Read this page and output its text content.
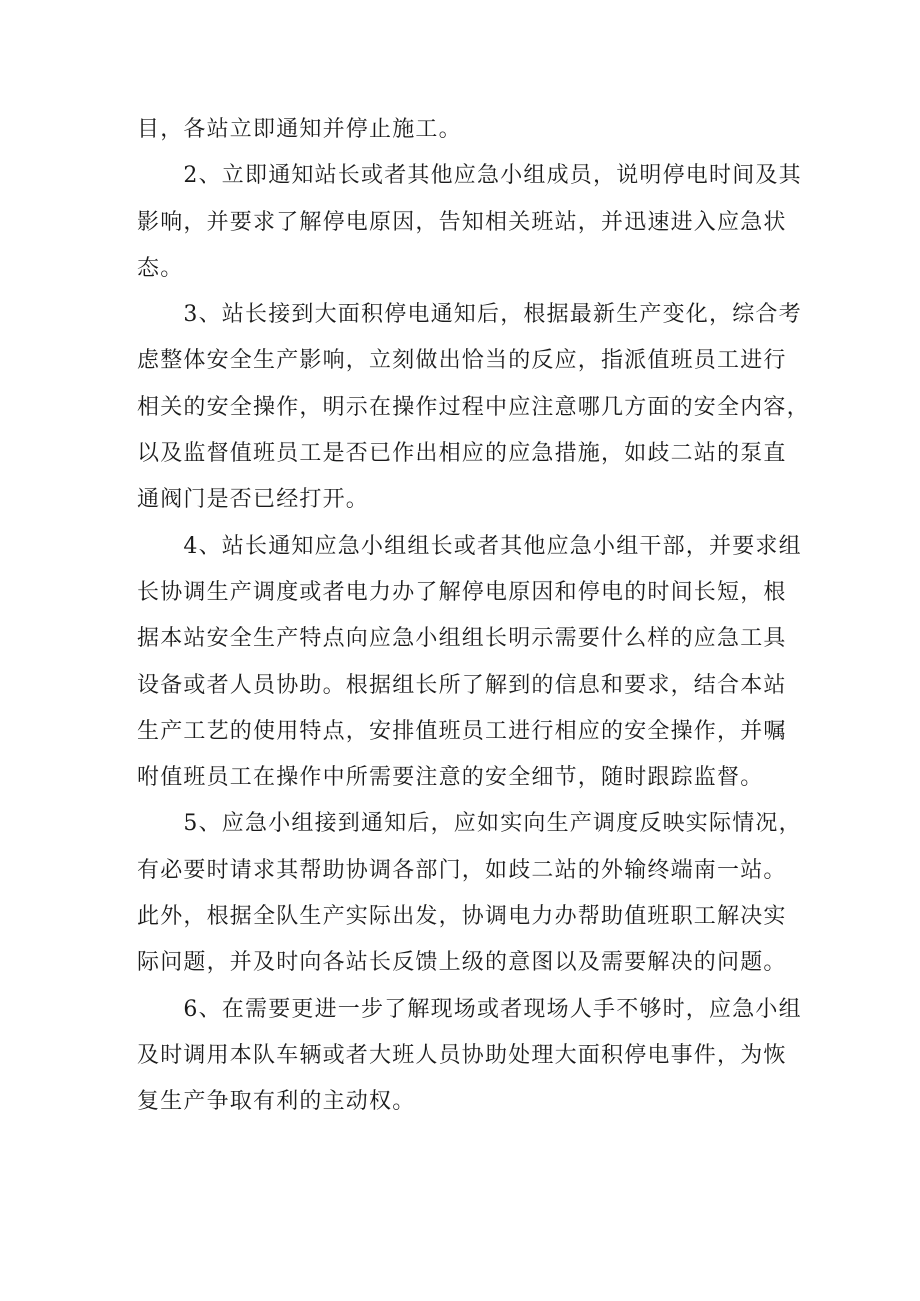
目，各站立即通知并停止施工。
　　2、立即通知站长或者其他应急小组成员，说明停电时间及其
影响，并要求了解停电原因，告知相关班站，并迅速进入应急状
态。
　　3、站长接到大面积停电通知后，根据最新生产变化，综合考
虑整体安全生产影响，立刻做出恰当的反应，指派值班员工进行
相关的安全操作，明示在操作过程中应注意哪几方面的安全内容，
以及监督值班员工是否已作出相应的应急措施，如歧二站的泵直
通阀门是否已经打开。
　　4、站长通知应急小组组长或者其他应急小组干部，并要求组
长协调生产调度或者电力办了解停电原因和停电的时间长短，根
据本站安全生产特点向应急小组组长明示需要什么样的应急工具
设备或者人员协助。根据组长所了解到的信息和要求，结合本站
生产工艺的使用特点，安排值班员工进行相应的安全操作，并嘱
咐值班员工在操作中所需要注意的安全细节，随时跟踪监督。
　　5、应急小组接到通知后，应如实向生产调度反映实际情况，
有必要时请求其帮助协调各部门，如歧二站的外输终端南一站。
此外，根据全队生产实际出发，协调电力办帮助值班职工解决实
际问题，并及时向各站长反馈上级的意图以及需要解决的问题。
　　6、在需要更进一步了解现场或者现场人手不够时，应急小组
及时调用本队车辆或者大班人员协助处理大面积停电事件，为恢
复生产争取有利的主动权。
